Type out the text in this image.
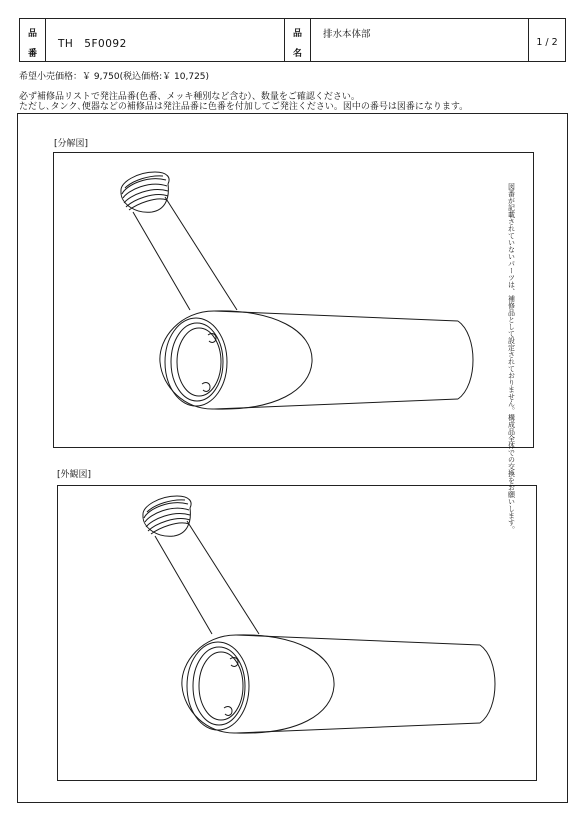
品
番
TH　5F0092
品
名
排水本体部
1 / 2
希望小売価格：￥ 9,750(税込価格:￥ 10,725)
必ず補修品リストで発注品番(色番、メッキ種別など含む）、数量をご確認ください。
ただし､タンク､便器などの補修品は発注品番に色番を付加してご発注ください。図中の番号は図番になります。
[分解図]
[外観図]	図番が記載されていないパーツは、補修品として設定されておりません。構成品全体での交換をお願いします。
